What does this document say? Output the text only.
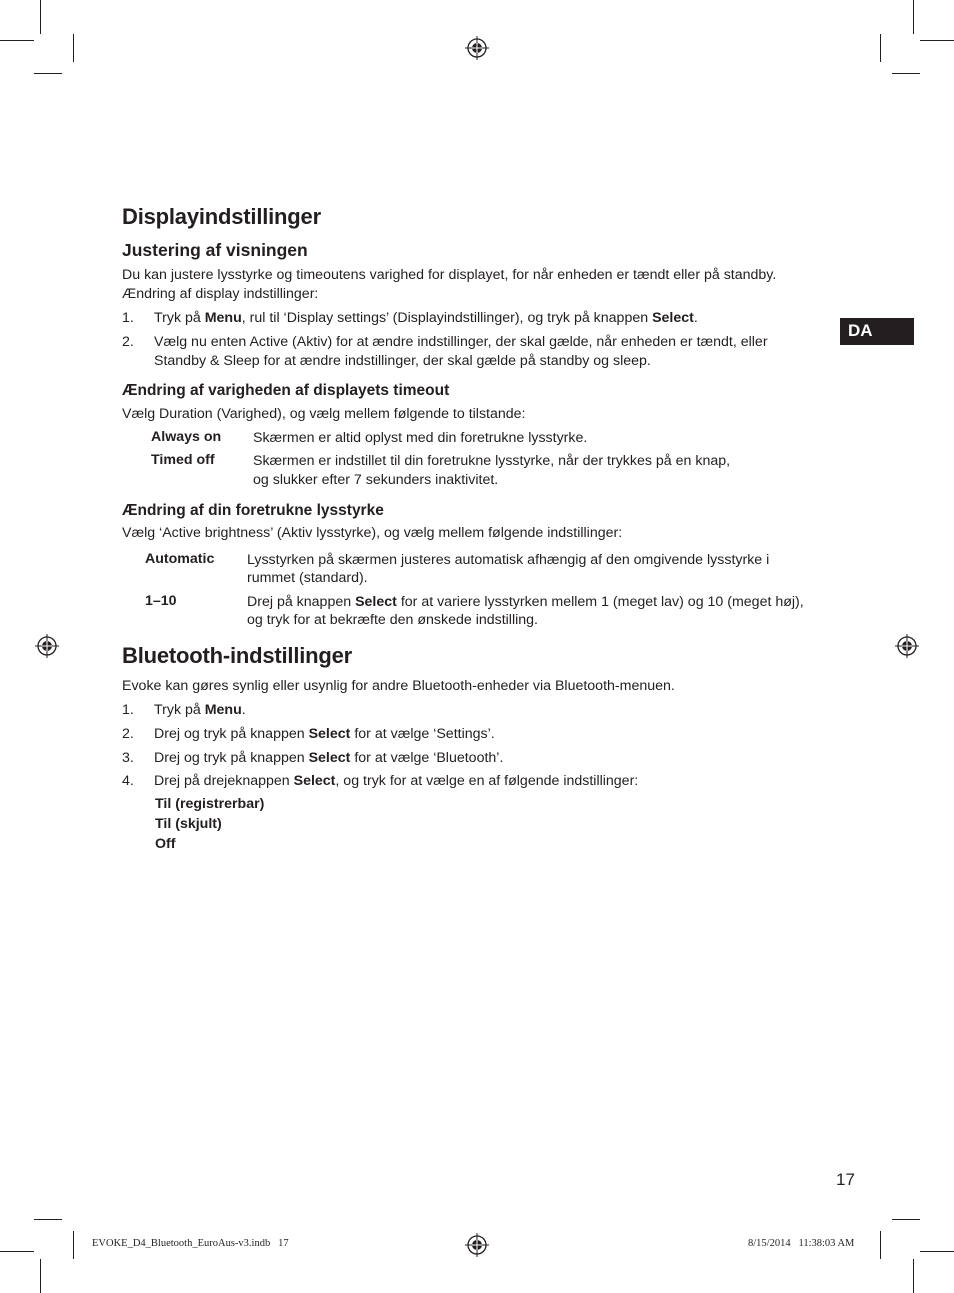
DA
Displayindstillinger
Justering af visningen
Du kan justere lysstyrke og timeoutens varighed for displayet, for når enheden er tændt eller på standby.
Ændring af display indstillinger:
1. Tryk på Menu, rul til ‘Display settings’ (Displayindstillinger), og tryk på knappen Select.
2. Vælg nu enten Active (Aktiv) for at ændre indstillinger, der skal gælde, når enheden er tændt, eller
Standby & Sleep for at ændre indstillinger, der skal gælde på standby og sleep.
Ændring af varigheden af displayets timeout
Vælg Duration (Varighed), og vælg mellem følgende to tilstande:
Always on Skærmen er altid oplyst med din foretrukne lysstyrke.
Timed off	Skærmen er indstillet til din foretrukne lysstyrke, når der trykkes på en knap,
og slukker efter 7 sekunders inaktivitet.
Ændring af din foretrukne lysstyrke
Vælg ‘Active brightness’ (Aktiv lysstyrke), og vælg mellem følgende indstillinger:
Automatic Lysstyrken på skærmen justeres automatisk afhængig af den omgivende lysstyrke i
rummet (standard).
1–10	Drej på knappen Select for at variere lysstyrken mellem 1 (meget lav) og 10 (meget høj),
og tryk for at bekræfte den ønskede indstilling.
Bluetooth-indstillinger
Evoke kan gøres synlig eller usynlig for andre Bluetooth-enheder via Bluetooth-menuen.
1. Tryk på Menu.
2. Drej og tryk på knappen Select for at vælge ‘Settings’.
3. Drej og tryk på knappen Select for at vælge ‘Bluetooth’.
4. Drej på drejeknappen Select, og tryk for at vælge en af følgende indstillinger:
Til (registrerbar)
Til (skjult)
Off
17
EVOKE_D4_Bluetooth_EuroAus-v3.indb   17	8/15/2014   11:38:03 AM
